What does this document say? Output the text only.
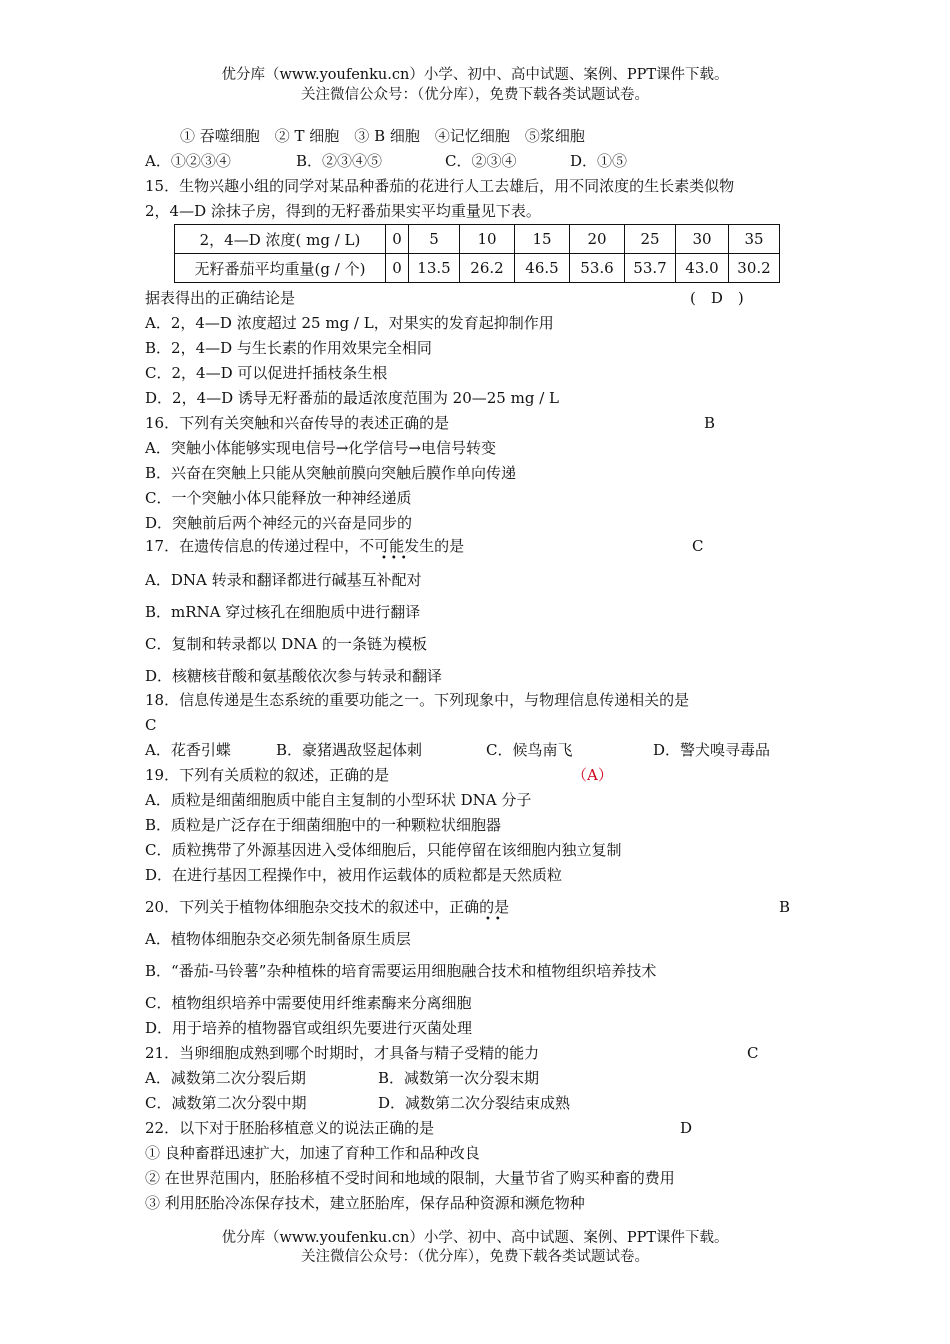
优分库（www.youfenku.cn）小学、初中、高中试题、案例、PPT课件下载。
关注微信公众号：（优分库），免费下载各类试题试卷。
① 吞噬细胞　② T 细胞　③ B 细胞　④记忆细胞　⑤浆细胞
A．①②③④	B．②③④⑤	C．②③④	D．①⑤
15．生物兴趣小组的同学对某品种番茄的花进行人工去雄后，用不同浓度的生长素类似物
2，4—D 涂抹子房，得到的无籽番茄果实平均重量见下表。
2，4—D 浓度( mg / L)	0	5	10	15	20	25	30	35
无籽番茄平均重量(g / 个)	0	13.5	26.2	46.5	53.6	53.7	43.0	30.2
据表得出的正确结论是	(　D　)
A．2，4—D 浓度超过 25 mg / L，对果实的发育起抑制作用
B．2，4—D 与生长素的作用效果完全相同
C．2，4—D 可以促进扦插枝条生根
D．2，4—D 诱导无籽番茄的最适浓度范围为 20—25 mg / L
16．下列有关突触和兴奋传导的表述正确的是	B
A．突触小体能够实现电信号→化学信号→电信号转变
B．兴奋在突触上只能从突触前膜向突触后膜作单向传递
C．一个突触小体只能释放一种神经递质
D．突触前后两个神经元的兴奋是同步的
17．在遗传信息的传递过程中，不可能发生的是
•••
C
A．DNA 转录和翻译都进行碱基互补配对
B．mRNA 穿过核孔在细胞质中进行翻译
C．复制和转录都以 DNA 的一条链为模板
D．核糖核苷酸和氨基酸依次参与转录和翻译
18．信息传递是生态系统的重要功能之一。下列现象中，与物理信息传递相关的是
C
A．花香引蝶	B．豪猪遇敌竖起体刺	C．候鸟南飞	D．警犬嗅寻毒品
19．下列有关质粒的叙述，正确的是	（A）
A．质粒是细菌细胞质中能自主复制的小型环状 DNA 分子
B．质粒是广泛存在于细菌细胞中的一种颗粒状细胞器
C．质粒携带了外源基因进入受体细胞后，只能停留在该细胞内独立复制
D．在进行基因工程操作中，被用作运载体的质粒都是天然质粒
20．下列关于植物体细胞杂交技术的叙述中，正确的是
••
B
A．植物体细胞杂交必须先制备原生质层
B．“番茄-马铃薯”杂种植株的培育需要运用细胞融合技术和植物组织培养技术
C．植物组织培养中需要使用纤维素酶来分离细胞
D．用于培养的植物器官或组织先要进行灭菌处理
21．当卵细胞成熟到哪个时期时，才具备与精子受精的能力	C
A．减数第二次分裂后期	B．减数第一次分裂末期
C．减数第二次分裂中期	D．减数第二次分裂结束成熟
22．以下对于胚胎移植意义的说法正确的是	D
① 良种畜群迅速扩大，加速了育种工作和品种改良
② 在世界范围内，胚胎移植不受时间和地域的限制，大量节省了购买种畜的费用
③ 利用胚胎冷冻保存技术，建立胚胎库，保存品种资源和濒危物种
优分库（www.youfenku.cn）小学、初中、高中试题、案例、PPT课件下载。
关注微信公众号：（优分库），免费下载各类试题试卷。
